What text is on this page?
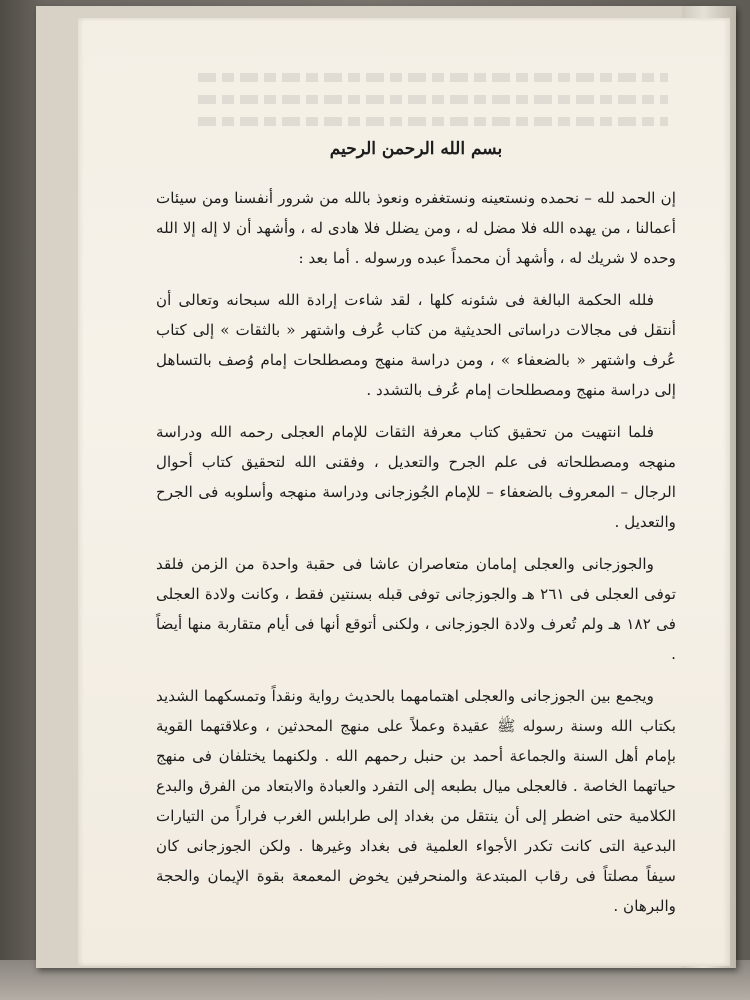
بسم الله الرحمن الرحيم

إن الحمد لله – نحمده ونستعينه ونستغفره ونعوذ بالله من شرور أنفسنا ومن سيئات أعمالنا ، من يهده الله فلا مضل له ، ومن يضلل فلا هادى له ، وأشهد أن لا إله إلا الله وحده لا شريك له ، وأشهد أن محمداً عبده ورسوله . أما بعد :

فلله الحكمة البالغة فى شئونه كلها ، لقد شاءت إرادة الله سبحانه وتعالى أن أنتقل فى مجالات دراساتى الحديثية من كتاب عُرف واشتهر « بالثقات » إلى كتاب عُرف واشتهر « بالضعفاء » ، ومن دراسة منهج ومصطلحات إمام وُصف بالتساهل إلى دراسة منهج ومصطلحات إمام عُرف بالتشدد .

فلما انتهيت من تحقيق كتاب معرفة الثقات للإمام العجلى رحمه الله ودراسة منهجه ومصطلحاته فى علم الجرح والتعديل ، وفقنى الله لتحقيق كتاب أحوال الرجال – المعروف بالضعفاء – للإمام الجُوزجانى ودراسة منهجه وأسلوبه فى الجرح والتعديل .

والجوزجانى والعجلى إمامان متعاصران عاشا فى حقبة واحدة من الزمن فلقد توفى العجلى فى ٢٦١ هـ والجوزجانى توفى قبله بسنتين فقط ، وكانت ولادة العجلى فى ١٨٢ هـ ولم تُعرف ولادة الجوزجانى ، ولكنى أتوقع أنها فى أيام متقاربة منها أيضاً .

ويجمع بين الجوزجانى والعجلى اهتمامهما بالحديث رواية ونقداً وتمسكهما الشديد بكتاب الله وسنة رسوله ﷺ عقيدة وعملاً على منهج المحدثين ، وعلاقتهما القوية بإمام أهل السنة والجماعة أحمد بن حنبل رحمهم الله . ولكنهما يختلفان فى منهج حياتهما الخاصة . فالعجلى ميال بطبعه إلى التفرد والعبادة والابتعاد من الفرق والبدع الكلامية حتى اضطر إلى أن ينتقل من بغداد إلى طرابلس الغرب فراراً من التيارات البدعية التى كانت تكدر الأجواء العلمية فى بغداد وغيرها . ولكن الجوزجانى كان سيفاً مصلتاً فى رقاب المبتدعة والمنحرفين يخوض المعمعة بقوة الإيمان والحجة والبرهان .
